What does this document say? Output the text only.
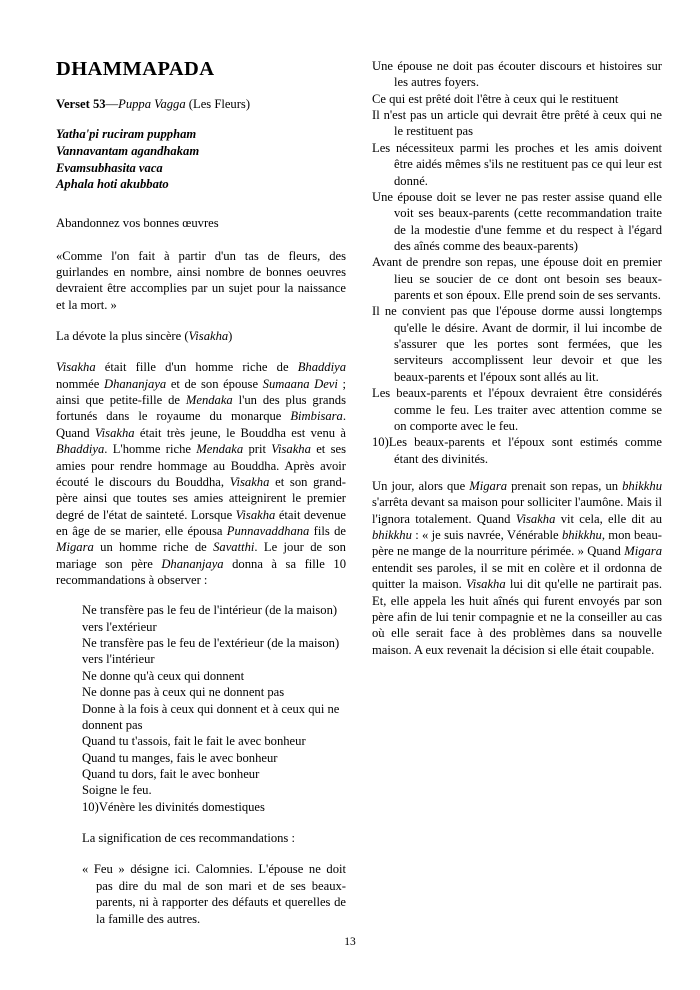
DHAMMAPADA

Verset 53—Puppa Vagga (Les Fleurs)

Yatha'pi ruciram puppham
Vannavantam agandhakam
Evamsubhasita vaca
Aphala hoti akubbato

Abandonnez vos bonnes œuvres

«Comme l'on fait à partir d'un tas de fleurs, des guirlandes en nombre, ainsi nombre de bonnes oeuvres devraient être accomplies par un sujet pour la naissance et la mort. »

La dévote la plus sincère (Visakha)

Visakha était fille d'un homme riche de Bhaddiya nommée Dhananjaya et de son épouse Sumaana Devi ; ainsi que petite-fille de Mendaka l'un des plus grands fortunés dans le royaume du monarque Bimbisara. Quand Visakha était très jeune, le Bouddha est venu à Bhaddiya. L'homme riche Mendaka prit Visakha et ses amies pour rendre hommage au Bouddha. Après avoir écouté le discours du Bouddha, Visakha et son grand-père ainsi que toutes ses amies atteignirent le premier degré de l'état de sainteté. Lorsque Visakha était devenue en âge de se marier, elle épousa Punnavaddhana fils de Migara un homme riche de Savatthi. Le jour de son mariage son père Dhananjaya donna à sa fille 10 recommandations à observer :

Ne transfère pas le feu de l'intérieur (de la maison) vers l'extérieur

Ne transfère pas le feu de l'extérieur (de la maison) vers l'intérieur

Ne donne qu'à ceux qui donnent

Ne donne pas à ceux qui ne donnent pas

Donne à la fois à ceux qui donnent et à ceux qui ne donnent pas

Quand tu t'assois, fait le fait le avec bonheur

Quand tu manges, fais le avec bonheur

Quand tu dors, fait le avec bonheur

Soigne le feu.

10)Vénère les divinités domestiques

La signification de ces recommandations :

« Feu » désigne ici. Calomnies. L'épouse ne doit pas dire du mal de son mari et de ses beaux-parents, ni à rapporter des défauts et querelles de la famille des autres.

Une épouse ne doit pas écouter discours et histoires sur les autres foyers.

Ce qui est prêté doit l'être à ceux qui le restituent

Il n'est pas un article qui devrait être prêté à ceux qui ne le restituent pas

Les nécessiteux parmi les proches et les amis doivent être aidés mêmes s'ils ne restituent pas ce qui leur est donné.

Une épouse doit se lever ne pas rester assise quand elle voit ses beaux-parents (cette recommandation traite de la modestie d'une femme et du respect à l'égard des aînés comme des beaux-parents)

Avant de prendre son repas, une épouse doit en premier lieu se soucier de ce dont ont besoin ses beaux-parents et son époux. Elle prend soin de ses servants.

Il ne convient pas que l'épouse dorme aussi longtemps qu'elle le désire. Avant de dormir, il lui incombe de s'assurer que les portes sont fermées, que les serviteurs accomplissent leur devoir et que les beaux-parents et l'époux sont allés au lit.

Les beaux-parents et l'époux devraient être considérés comme le feu. Les traiter avec attention comme se on comporte avec le feu.

10)Les beaux-parents et l'époux sont estimés comme étant des divinités.

Un jour, alors que Migara prenait son repas, un bhikkhu s'arrêta devant sa maison pour solliciter l'aumône. Mais il l'ignora totalement. Quand Visakha vit cela, elle dit au bhikkhu : « je suis navrée, Vénérable bhikkhu, mon beau-père ne mange de la nourriture périmée. » Quand Migara entendit ses paroles, il se mit en colère et il ordonna de quitter la maison. Visakha lui dit qu'elle ne partirait pas. Et, elle appela les huit aînés qui furent envoyés par son père afin de lui tenir compagnie et ne la conseiller au cas où elle serait face à des problèmes dans sa nouvelle maison. A eux revenait la décision si elle était coupable.

13
